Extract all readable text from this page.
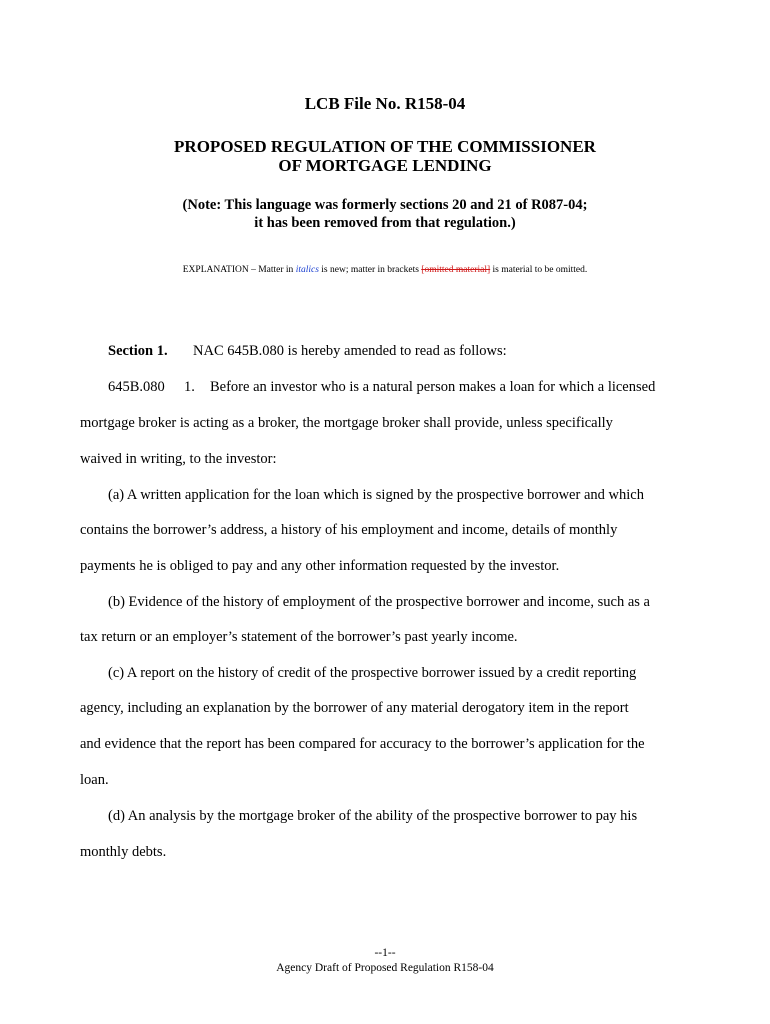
LCB File No. R158-04
PROPOSED REGULATION OF THE COMMISSIONER
OF MORTGAGE LENDING
(Note: This language was formerly sections 20 and 21 of R087-04;
it has been removed from that regulation.)
EXPLANATION – Matter in italics is new; matter in brackets [omitted material] is material to be omitted.
Section 1. NAC 645B.080 is hereby amended to read as follows:
645B.080 1. Before an investor who is a natural person makes a loan for which a licensed
mortgage broker is acting as a broker, the mortgage broker shall provide, unless specifically
waived in writing, to the investor:
(a) A written application for the loan which is signed by the prospective borrower and which
contains the borrower’s address, a history of his employment and income, details of monthly
payments he is obliged to pay and any other information requested by the investor.
(b) Evidence of the history of employment of the prospective borrower and income, such as a
tax return or an employer’s statement of the borrower’s past yearly income.
(c) A report on the history of credit of the prospective borrower issued by a credit reporting
agency, including an explanation by the borrower of any material derogatory item in the report
and evidence that the report has been compared for accuracy to the borrower’s application for the
loan.
(d) An analysis by the mortgage broker of the ability of the prospective borrower to pay his
monthly debts.
--1--
Agency Draft of Proposed Regulation R158-04
